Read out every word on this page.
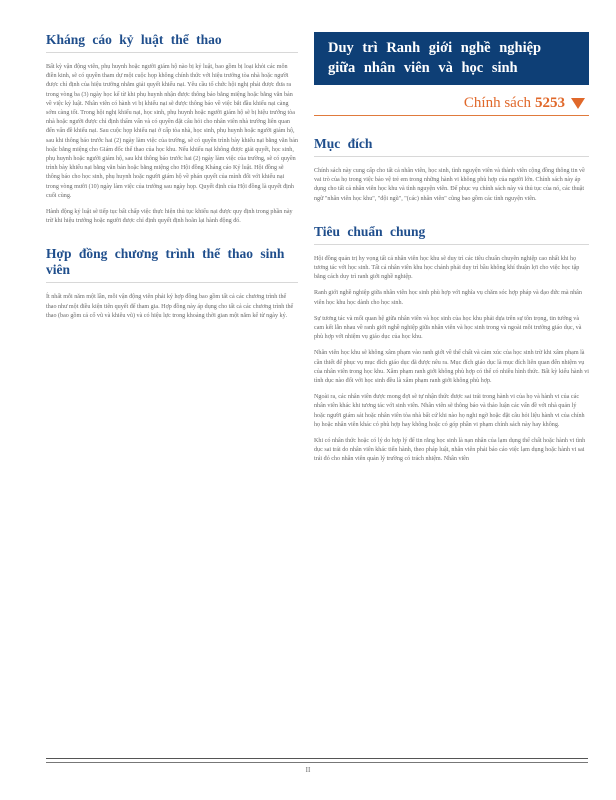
Kháng cáo kỷ luật thể thao

Bất kỳ vận động viên, phụ huynh hoặc người giám hộ nào bị kỷ luật, bao gồm bị loại khỏi các môn điền kinh, sẽ có quyền tham dự một cuộc họp không chính thức với hiệu trưởng tòa nhà hoặc người được chỉ định của hiệu trưởng nhằm giải quyết khiếu nại. Yêu cầu tổ chức hội nghị phải được đưa ra trong vòng ba (3) ngày học kể từ khi phụ huynh nhận được thông báo bằng miệng hoặc bằng văn bản về việc kỷ luật. Nhân viên có hành vi bị khiếu nại sẽ được thông báo về việc bắt đầu khiếu nại càng sớm càng tốt. Trong hội nghị khiếu nại, học sinh, phụ huynh hoặc người giám hộ sẽ bị hiệu trưởng tòa nhà hoặc người được chỉ định thẩm vấn và có quyền đặt câu hỏi cho nhân viên nhà trường liên quan đến vấn đề khiếu nại. Sau cuộc họp khiếu nại ở cấp tòa nhà, học sinh, phụ huynh hoặc người giám hộ, sau khi thông báo trước hai (2) ngày làm việc của trường, sẽ có quyền trình bày khiếu nại bằng văn bản hoặc bằng miệng cho Giám đốc thể thao của học khu. Nếu khiếu nại không được giải quyết, học sinh, phụ huynh hoặc người giám hộ, sau khi thông báo trước hai (2) ngày làm việc của trường, sẽ có quyền trình bày khiếu nại bằng văn bản hoặc bằng miệng cho Hội đồng Kháng cáo Kỷ luật. Hội đồng sẽ thông báo cho học sinh, phụ huynh hoặc người giám hộ về phán quyết của mình đối với khiếu nại trong vòng mười (10) ngày làm việc của trường sau ngày họp. Quyết định của Hội đồng là quyết định cuối cùng.

Hành động kỷ luật sẽ tiếp tục bất chấp việc thực hiện thủ tục khiếu nại được quy định trong phần này trừ khi hiệu trưởng hoặc người được chỉ định quyết định hoãn lại hành động đó.

Hợp đồng chương trình thể thao sinh viên

Ít nhất mỗi năm một lần, mỗi vận động viên phải ký hợp đồng bao gồm tất cả các chương trình thể thao như một điều kiện tiên quyết để tham gia. Hợp đồng này áp dụng cho tất cả các chương trình thể thao (bao gồm cả cổ vũ và khiêu vũ) và có hiệu lực trong khoảng thời gian một năm kể từ ngày ký.

Duy trì Ranh giới nghề nghiệp
giữa nhân viên và học sinh
Chính sách 5253
Mục đích

Chính sách này cung cấp cho tất cả nhân viên, học sinh, tình nguyện viên và thành viên cộng đồng thông tin về vai trò của họ trong việc bảo vệ trẻ em trong những hành vi không phù hợp của người lớn. Chính sách này áp dụng cho tất cả nhân viên học khu và tình nguyện viên. Để phục vụ chính sách này và thủ tục của nó, các thuật ngữ "nhân viên học khu", "đội ngũ", "(các) nhân viên" cũng bao gồm các tình nguyện viên.

Tiêu chuẩn chung

Hội đồng quản trị hy vọng tất cả nhân viên học khu sẽ duy trì các tiêu chuẩn chuyên nghiệp cao nhất khi họ tương tác với học sinh. Tất cả nhân viên khu học chánh phải duy trì bầu không khí thuận lợi cho việc học tập bằng cách duy trì ranh giới nghề nghiệp.

Ranh giới nghề nghiệp giữa nhân viên học sinh phù hợp với nghĩa vụ chăm sóc hợp pháp và đạo đức mà nhân viên học khu học dành cho học sinh.

Sự tương tác và mối quan hệ giữa nhân viên và học sinh của học khu phải dựa trên sự tôn trọng, tin tưởng và cam kết lẫn nhau về ranh giới nghề nghiệp giữa nhân viên và học sinh trong và ngoài môi trường giáo dục, và phù hợp với nhiệm vụ giáo dục của học khu.

Nhân viên học khu sẽ không xâm phạm vào ranh giới về thể chất và cảm xúc của học sinh trừ khi xâm phạm là cần thiết để phục vụ mục đích giáo dục đã được nêu ra. Mục đích giáo dục là mục đích liên quan đến nhiệm vụ của nhân viên trong học khu. Xâm phạm ranh giới không phù hợp có thể có nhiều hình thức. Bất kỳ kiểu hành vi tình dục nào đối với học sinh đều là xâm phạm ranh giới không phù hợp.

Ngoài ra, các nhân viên được mong đợi sẽ tự nhận thức được sai trái trong hành vi của họ và hành vi của các nhân viên khác khi tương tác với sinh viên. Nhân viên sẽ thông báo và thảo luận các vấn đề với nhà quản lý hoặc người giám sát hoặc nhân viên tòa nhà bất cứ khi nào họ nghi ngờ hoặc đặt câu hỏi liệu hành vi của chính họ hoặc nhân viên khác có phù hợp hay không hoặc có góp phần vi phạm chính sách này hay không.

Khi có nhân thức hoặc có lý do hợp lý để tin rằng học sinh là nạn nhân của lạm dụng thể chất hoặc hành vi tình dục sai trái do nhân viên khác tiến hành, theo pháp luật, nhân viên phải báo cáo việc lạm dụng hoặc hành vi sai trái đó cho nhân viên quản lý trường có trách nhiệm. Nhân viên

II
